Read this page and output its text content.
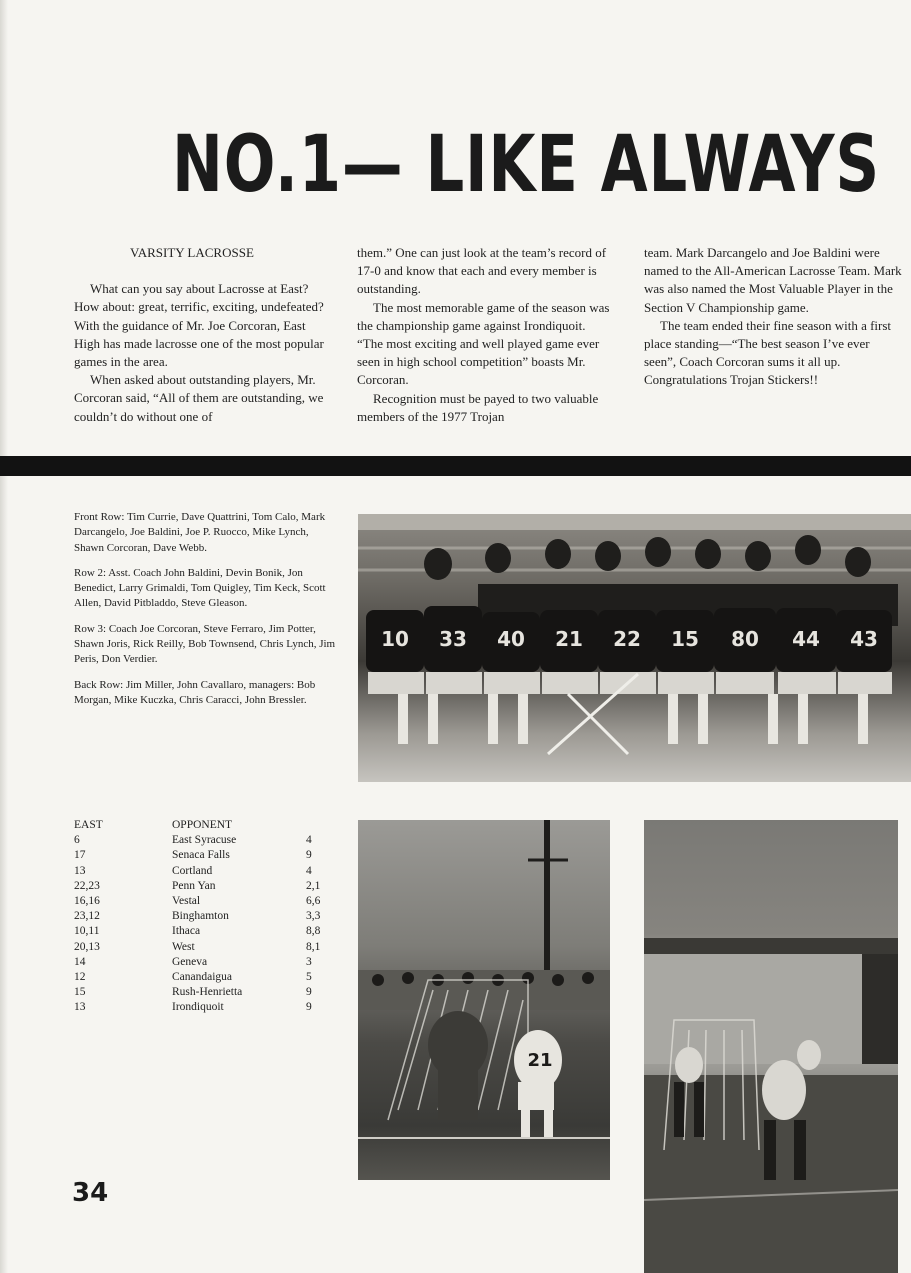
NO.1— LIKE ALWAYS

VARSITY LACROSSE

What can you say about Lacrosse at East? How about: great, terrific, exciting, undefeated? With the guidance of Mr. Joe Corcoran, East High has made lacrosse one of the most popular games in the area.

When asked about outstanding players, Mr. Corcoran said, “All of them are outstanding, we couldn’t do without one of

them.” One can just look at the team’s record of 17-0 and know that each and every member is outstanding.

The most memorable game of the season was the championship game against Irondiquoit. “The most exciting and well played game ever seen in high school competition” boasts Mr. Corcoran.

Recognition must be payed to two valuable members of the 1977 Trojan

team. Mark Darcangelo and Joe Baldini were named to the All-American Lacrosse Team. Mark was also named the Most Valuable Player in the Section V Championship game.

The team ended their fine season with a first place standing—“The best season I’ve ever seen”, Coach Corcoran sums it all up. Congratulations Trojan Stickers!!

Front Row: Tim Currie, Dave Quattrini, Tom Calo, Mark Darcangelo, Joe Baldini, Joe P. Ruocco, Mike Lynch, Shawn Corcoran, Dave Webb.

Row 2: Asst. Coach John Baldini, Devin Bonik, Jon Benedict, Larry Grimaldi, Tom Quigley, Tim Keck, Scott Allen, David Pitbladdo, Steve Gleason.

Row 3: Coach Joe Corcoran, Steve Ferraro, Jim Potter, Shawn Joris, Rick Reilly, Bob Townsend, Chris Lynch, Jim Peris, Don Verdier.

Back Row: Jim Miller, John Cavallaro, managers: Bob Morgan, Mike Kuczka, Chris Caracci, John Bressler.

10 33 40 21 22 15 80 44 43
EAST	OPPONENT
6	East Syracuse	4
17	Senaca Falls	9
13	Cortland	4
22,23	Penn Yan	2,1
16,16	Vestal	6,6
23,12	Binghamton	3,3
10,11	Ithaca	8,8
20,13	West	8,1
14	Geneva	3
12	Canandaigua	5
15	Rush-Henrietta	9
13	Irondiquoit	9
21
34
